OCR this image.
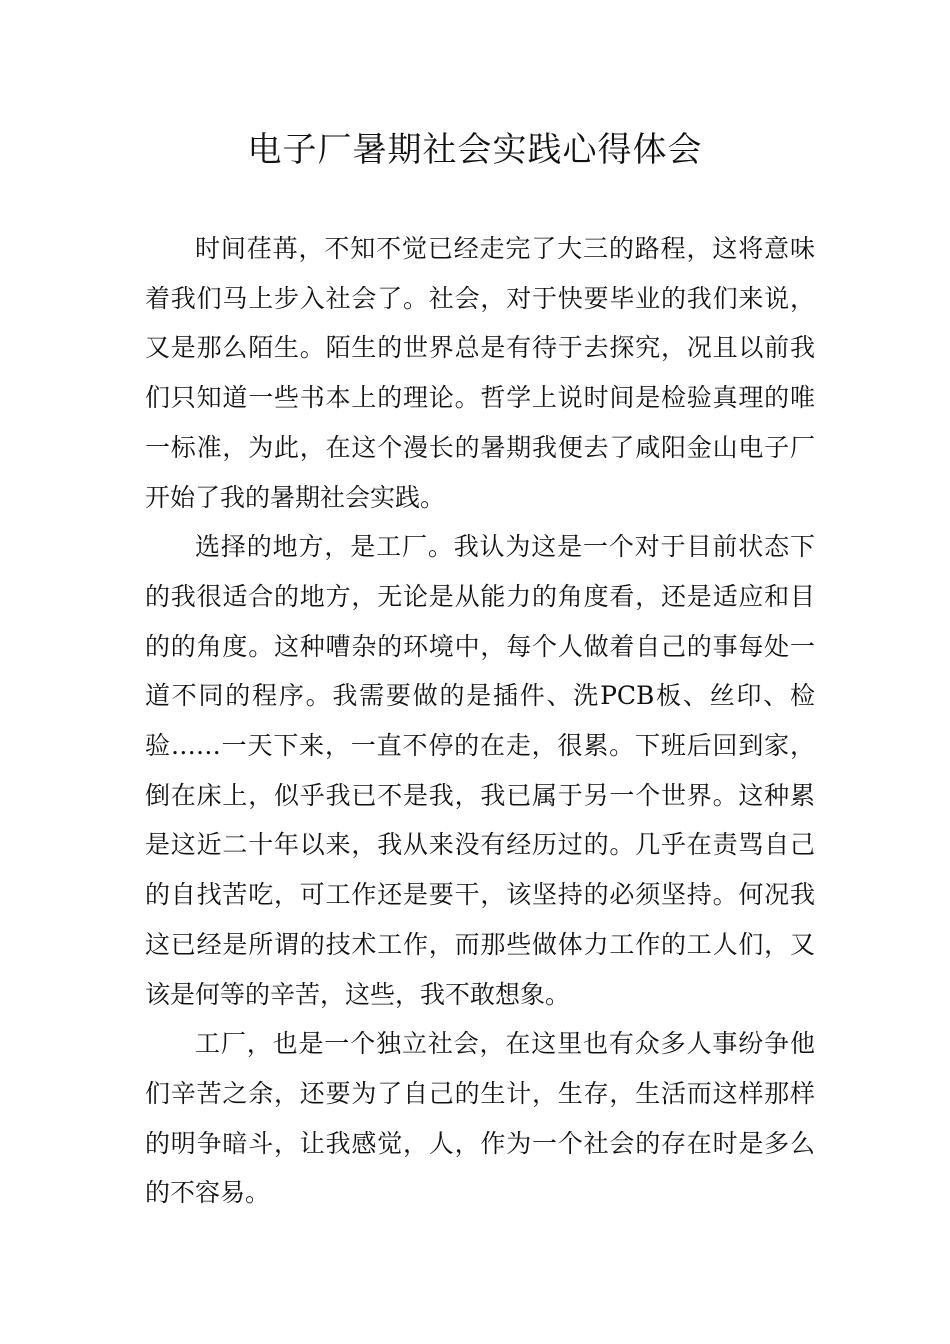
电子厂暑期社会实践心得体会

时间荏苒，不知不觉已经走完了大三的路程，这将意味着我们马上步入社会了。社会，对于快要毕业的我们来说，又是那么陌生。陌生的世界总是有待于去探究，况且以前我们只知道一些书本上的理论。哲学上说时间是检验真理的唯一标准，为此，在这个漫长的暑期我便去了咸阳金山电子厂开始了我的暑期社会实践。

选择的地方，是工厂。我认为这是一个对于目前状态下的我很适合的地方，无论是从能力的角度看，还是适应和目的的角度。这种嘈杂的环境中，每个人做着自己的事每处一道不同的程序。我需要做的是插件、洗PCB板、丝印、检验……一天下来，一直不停的在走，很累。下班后回到家，倒在床上，似乎我已不是我，我已属于另一个世界。这种累是这近二十年以来，我从来没有经历过的。几乎在责骂自己的自找苦吃，可工作还是要干，该坚持的必须坚持。何况我这已经是所谓的技术工作，而那些做体力工作的工人们，又该是何等的辛苦，这些，我不敢想象。

工厂，也是一个独立社会，在这里也有众多人事纷争他们辛苦之余，还要为了自己的生计，生存，生活而这样那样的明争暗斗，让我感觉，人，作为一个社会的存在时是多么的不容易。
